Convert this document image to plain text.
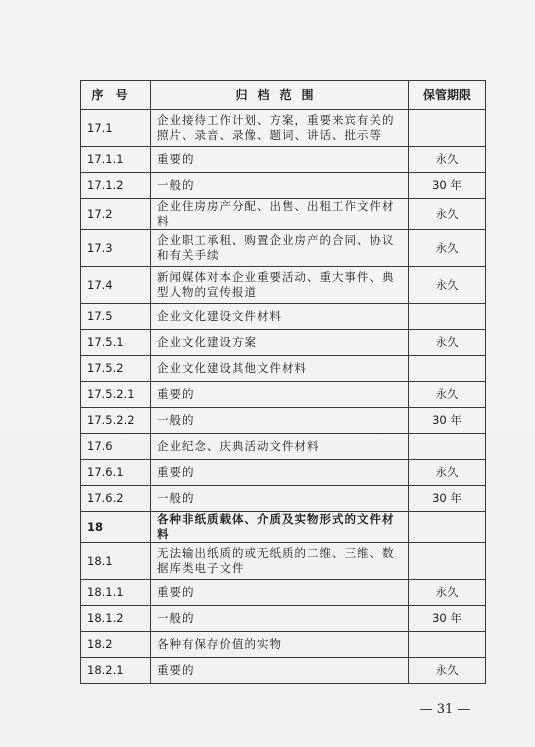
序号	归档范围	保管期限
17.1	企业接待工作计划、方案，重要来宾有关的照片、录音、录像、题词、讲话、批示等	
17.1.1	重要的	永久
17.1.2	一般的	30 年
17.2	企业住房房产分配、出售、出租工作文件材料	永久
17.3	企业职工承租、购置企业房产的合同、协议和有关手续	永久
17.4	新闻媒体对本企业重要活动、重大事件、典型人物的宣传报道	永久
17.5	企业文化建设文件材料	
17.5.1	企业文化建设方案	永久
17.5.2	企业文化建设其他文件材料	
17.5.2.1	重要的	永久
17.5.2.2	一般的	30 年
17.6	企业纪念、庆典活动文件材料	
17.6.1	重要的	永久
17.6.2	一般的	30 年
18	各种非纸质载体、介质及实物形式的文件材料	
18.1	无法输出纸质的或无纸质的二维、三维、数据库类电子文件	
18.1.1	重要的	永久
18.1.2	一般的	30 年
18.2	各种有保存价值的实物	
18.2.1	重要的	永久
— 31 —
